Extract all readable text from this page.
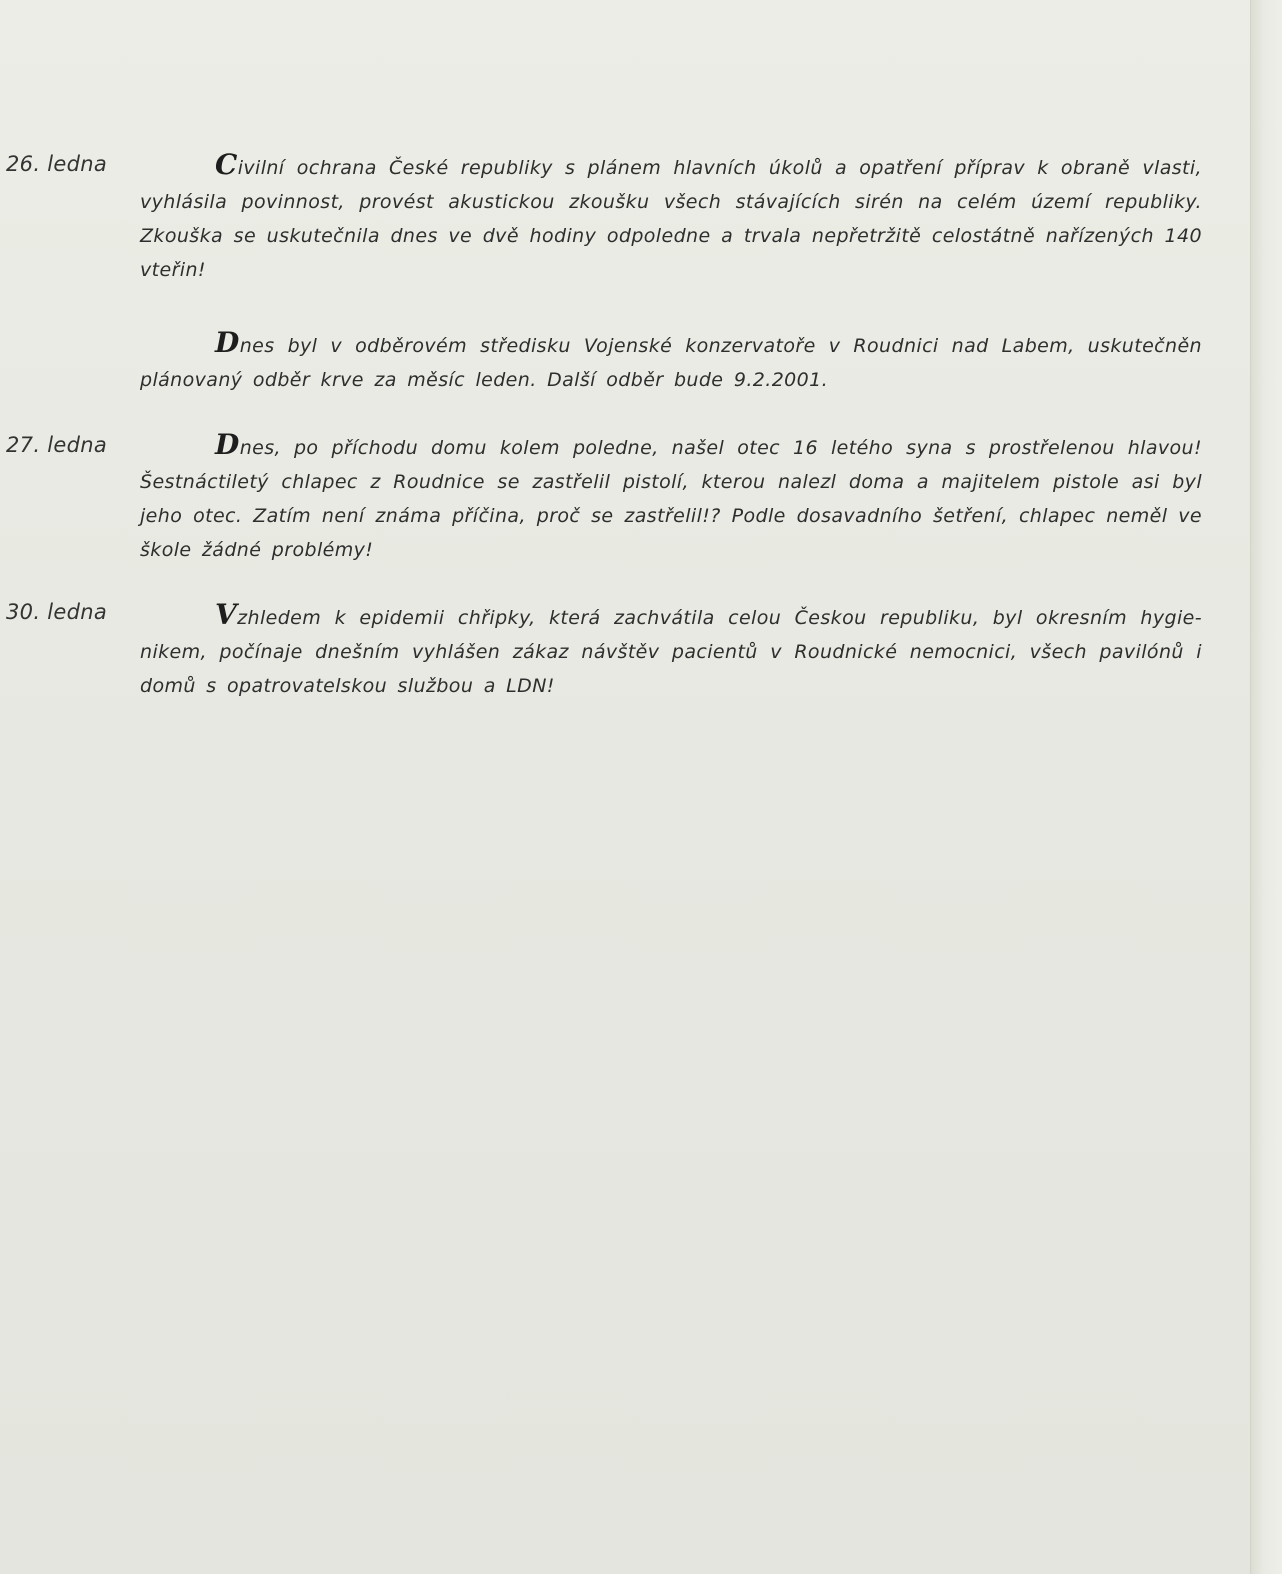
26. ledna	Civilní ochrana České republiky s plánem hlavních úkolů a opatření příprav k obraně vlasti, vyhlásila povinnost, provést akustickou zkoušku všech stávajících sirén na celém území republiky. Zkouška se uskutečnila dnes ve dvě hodiny odpoledne a trvala nepřetržitě celostátně nařízených 140 vteřin!
Dnes byl v odběrovém středisku Vojenské konzervatoře v Roudnici nad Labem, uskutečněn plánovaný odběr krve za měsíc leden. Další odběr bude 9.2.2001.
27. ledna	Dnes, po příchodu domu kolem poledne, našel otec 16 letého syna s prostřelenou hlavou! Šestnáctiletý chlapec z Roudnice se zastřelil pistolí, kterou nalezl doma a majitelem pistole asi byl jeho otec. Zatím není známa příčina, proč se zastřelil!? Podle dosavadního šetření, chlapec neměl ve škole žádné problémy!
30. ledna	Vzhledem k epidemii chřipky, která zachvátila celou Českou republiku, byl okresním hygie-nikem, počínaje dnešním vyhlášen zákaz návštěv pacientů v Roudnické nemocnici, všech pavilónů i domů s opatrovatelskou službou a LDN!
